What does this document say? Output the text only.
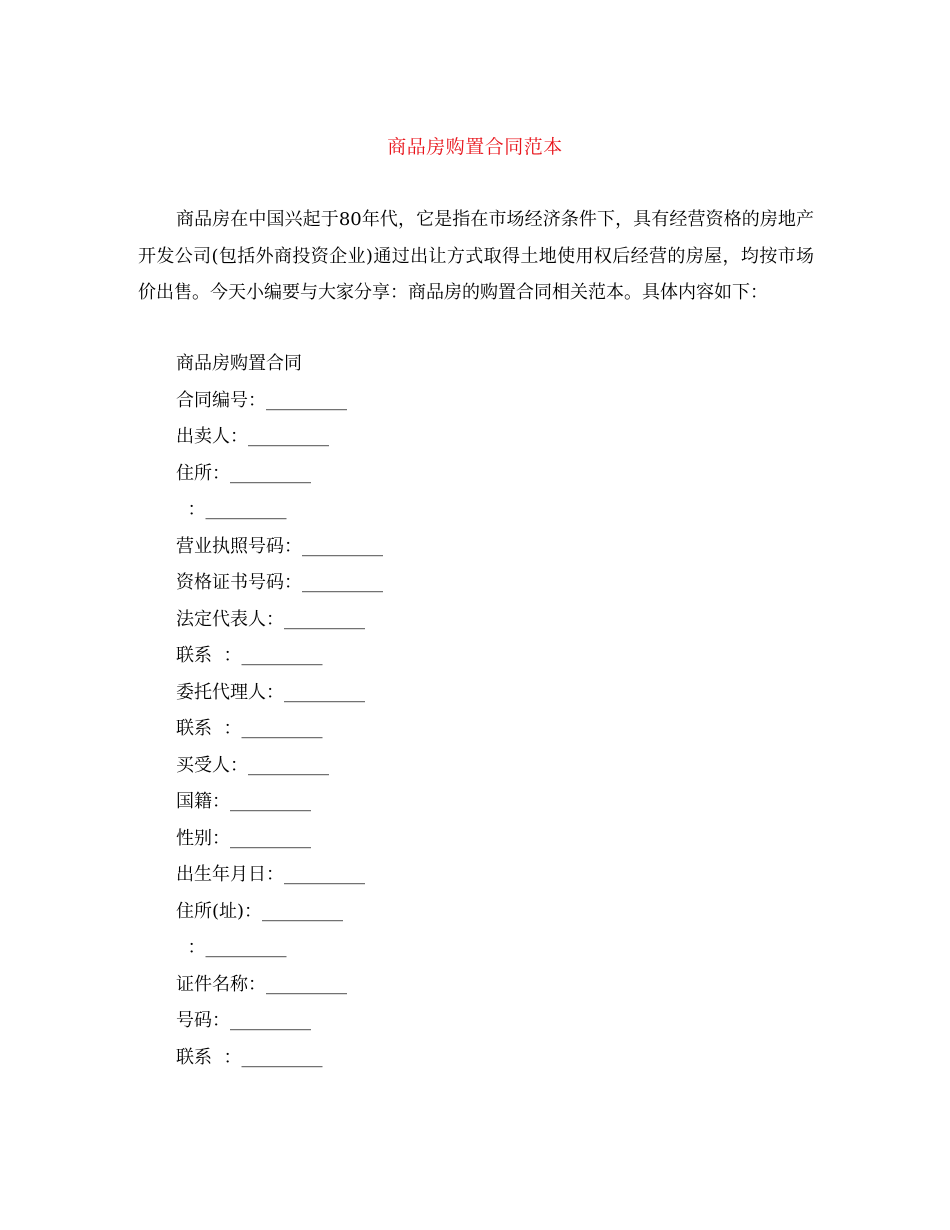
商品房购置合同范本

商品房在中国兴起于80年代，它是指在市场经济条件下，具有经营资格的房地产开发公司(包括外商投资企业)通过出让方式取得土地使用权后经营的房屋，均按市场价出售。今天小编要与大家分享：商品房的购置合同相关范本。具体内容如下：

商品房购置合同
合同编号：_________
出卖人：_________
住所：_________
：_________
营业执照号码：_________
资格证书号码：_________
法定代表人：_________
联系  ：_________
委托代理人：_________
联系  ：_________
买受人：_________
国籍：_________
性别：_________
出生年月日：_________
住所(址)：_________
：_________
证件名称：_________
号码：_________
联系  ：_________
